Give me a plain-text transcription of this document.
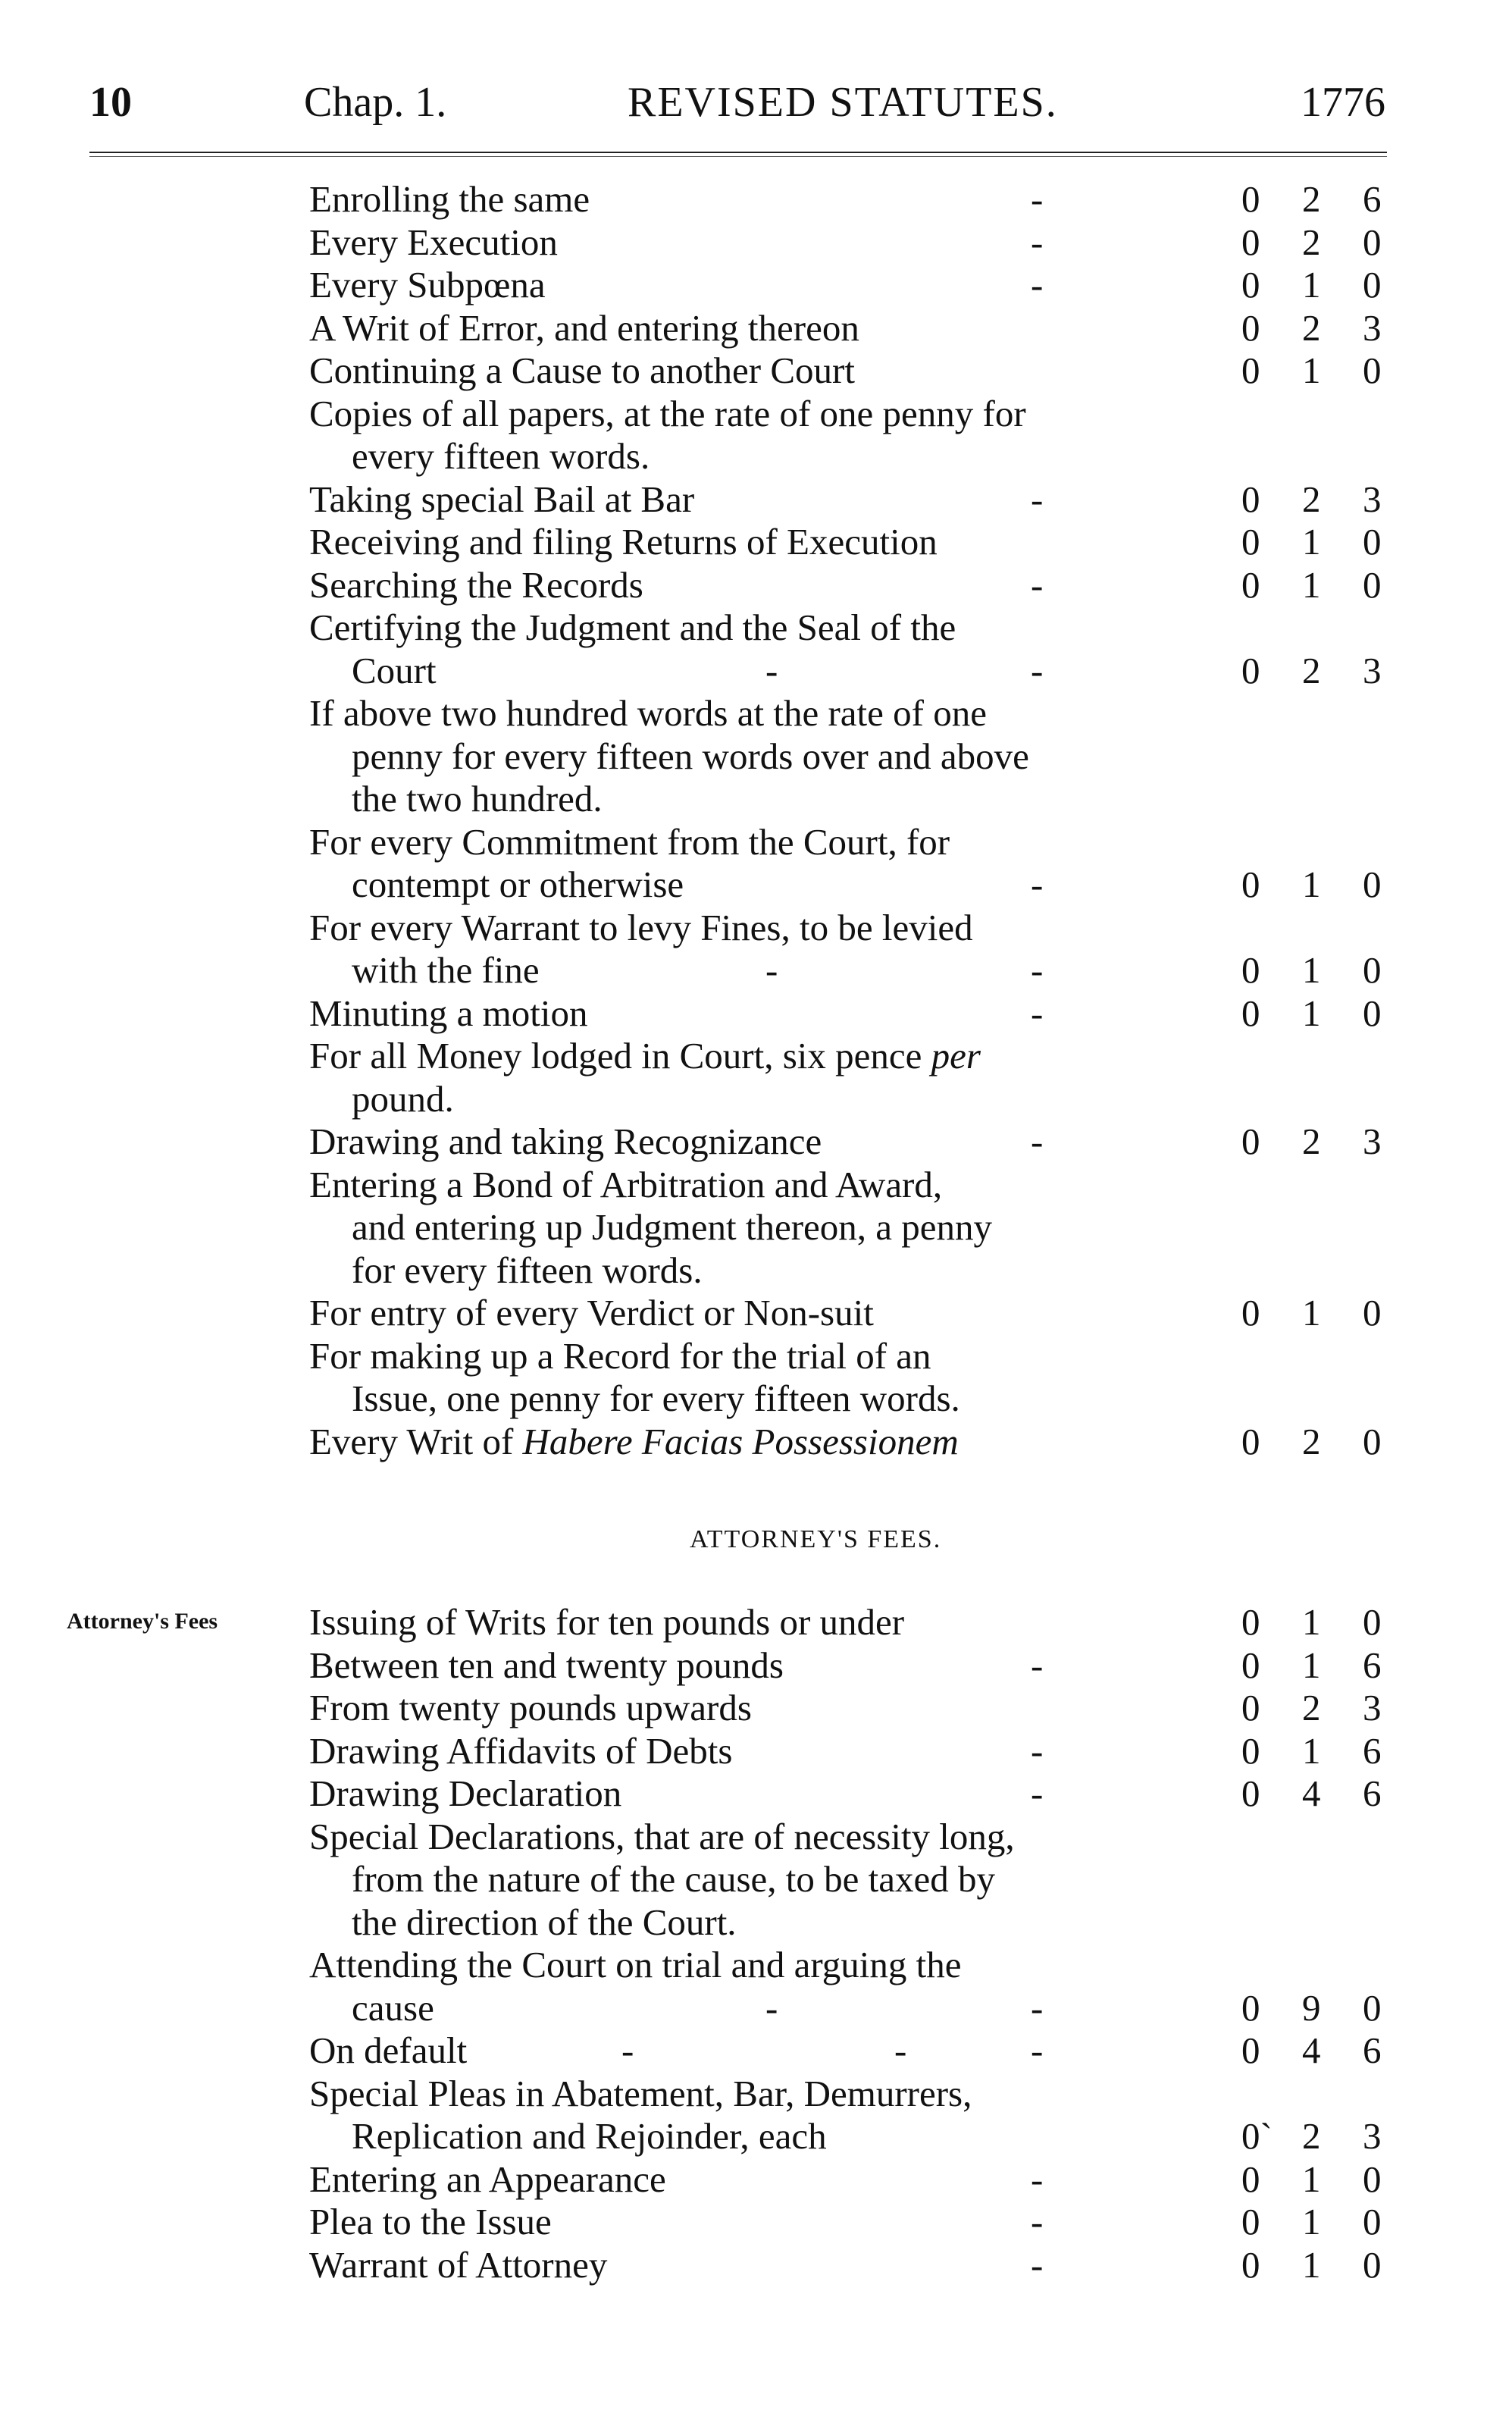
10	Chap. 1.	REVISED STATUTES.	1776
Enrolling the same	-	0 2 6
Every Execution	-	0 2 0
Every Subpœna	-	0 1 0
A Writ of Error, and entering thereon	0 2 3
Continuing a Cause to another Court	0 1 0
Copies of all papers, at the rate of one penny for
every fifteen words.
Taking special Bail at Bar	-	0 2 3
Receiving and filing Returns of Execution	0 1 0
Searching the Records	-	0 1 0
Certifying the Judgment and the Seal of the
Court	-	-	0 2 3
If above two hundred words at the rate of one
penny for every fifteen words over and above
the two hundred.
For every Commitment from the Court, for
contempt or otherwise	-	0 1 0
For every Warrant to levy Fines, to be levied
with the fine	-	-	0 1 0
Minuting a motion	-	0 1 0
For all Money lodged in Court, six pence per
pound.
Drawing and taking Recognizance	-	0 2 3
Entering a Bond of Arbitration and Award,
and entering up Judgment thereon, a penny
for every fifteen words.
For entry of every Verdict or Non-suit	0 1 0
For making up a Record for the trial of an
Issue, one penny for every fifteen words.
Every Writ of Habere Facias Possessionem	0 2 0
ATTORNEY'S FEES.
Attorney's Fees Issuing of Writs for ten pounds or under	0 1 0
Between ten and twenty pounds	-	0 1 6
From twenty pounds upwards	0 2 3
Drawing Affidavits of Debts	-	0 1 6
Drawing Declaration	-	0 4 6
Special Declarations, that are of necessity long,
from the nature of the cause, to be taxed by
the direction of the Court.
Attending the Court on trial and arguing the
cause	-	-	0 9 0
On default	-	-	-	0 4 6
Special Pleas in Abatement, Bar, Demurrers,
Replication and Rejoinder, each	0` 2 3
Entering an Appearance	-	0 1 0
Plea to the Issue	-	0 1 0
Warrant of Attorney	-	0 1 0
